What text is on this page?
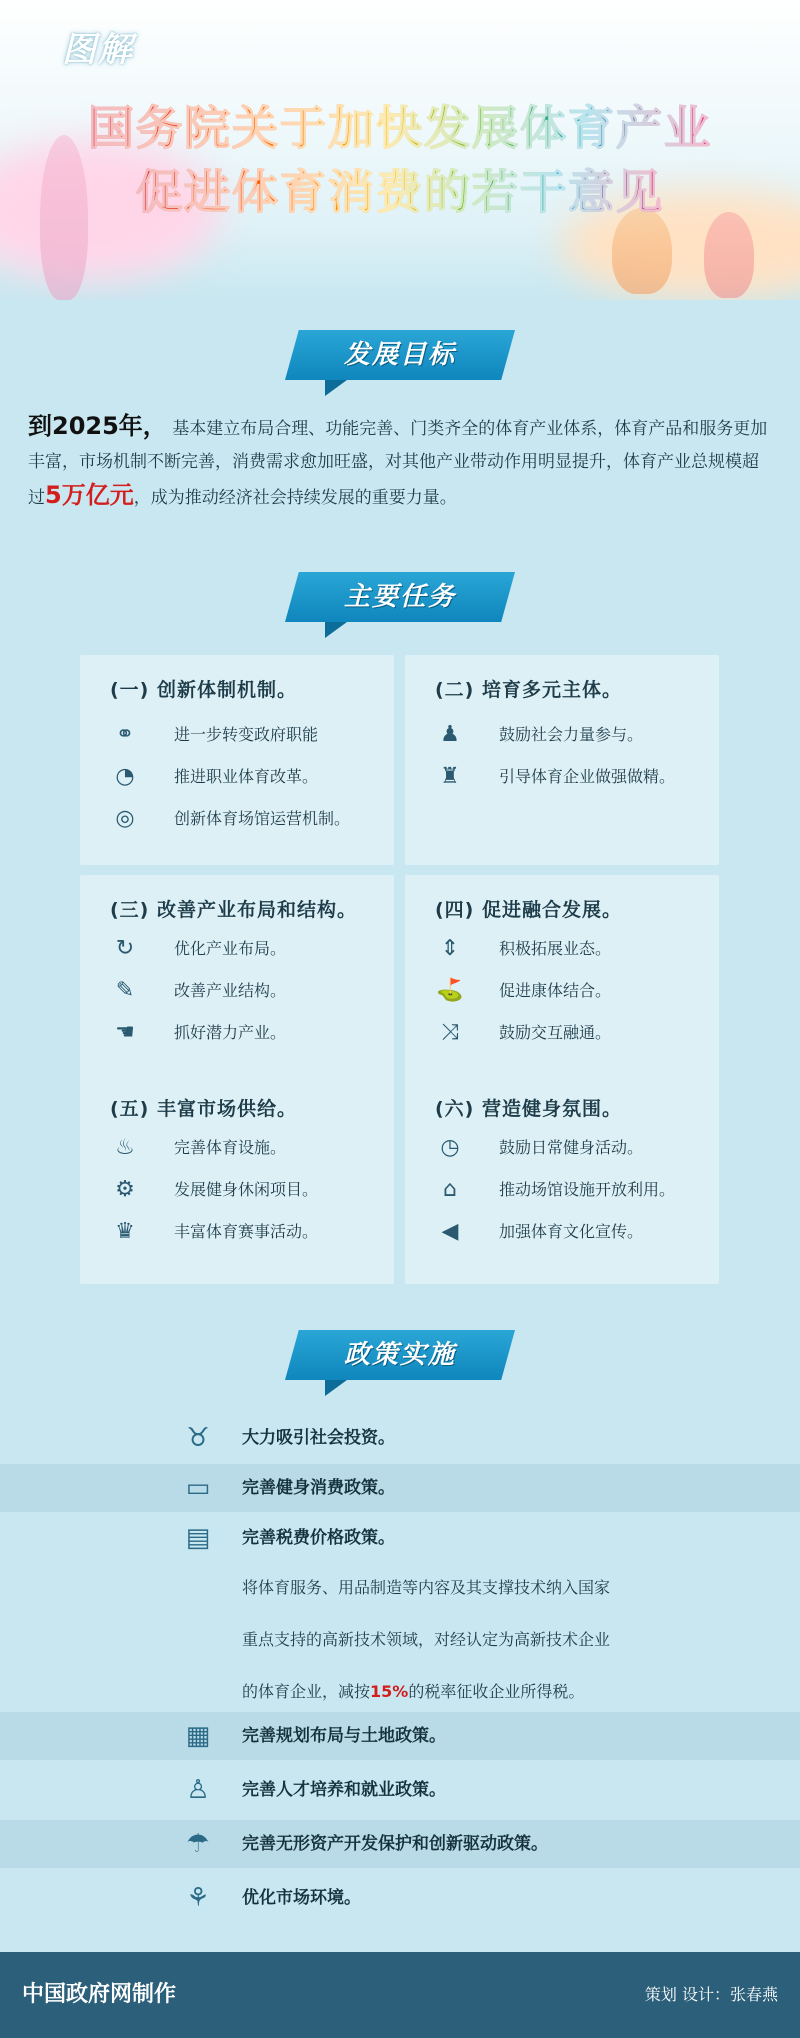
图解
国务院关于加快发展体育产业
促进体育消费的若干意见
发展目标
到2025年， 基本建立布局合理、功能完善、门类齐全的体育产业体系，体育产品和服务更加丰富，市场机制不断完善，消费需求愈加旺盛，对其他产业带动作用明显提升，体育产业总规模超过5万亿元，成为推动经济社会持续发展的重要力量。
主要任务
(一) 创新体制机制。
⚭	进一步转变政府职能
◔	推进职业体育改革。
◎	创新体育场馆运营机制。
(二) 培育多元主体。
♟	鼓励社会力量参与。
♜	引导体育企业做强做精。
(三) 改善产业布局和结构。
↻	优化产业布局。
✎	改善产业结构。
☚	抓好潜力产业。
(四) 促进融合发展。
⇕	积极拓展业态。
⛳ 促进康体结合。
⤨	鼓励交互融通。
(五) 丰富市场供给。
♨	完善体育设施。
⚙	发展健身休闲项目。
♛	丰富体育赛事活动。
(六) 营造健身氛围。
◷	鼓励日常健身活动。
⌂	推动场馆设施开放利用。
◀	加强体育文化宣传。
政策实施
♉	大力吸引社会投资。
▭	完善健身消费政策。
▤	完善税费价格政策。

将体育服务、用品制造等内容及其支撑技术纳入国家

重点支持的高新技术领域，对经认定为高新技术企业

的体育企业，减按15%的税率征收企业所得税。

▦	完善规划布局与土地政策。
♙	完善人才培养和就业政策。
☂	完善无形资产开发保护和创新驱动政策。
⚘	优化市场环境。
中国政府网制作	策划 设计：张春燕
